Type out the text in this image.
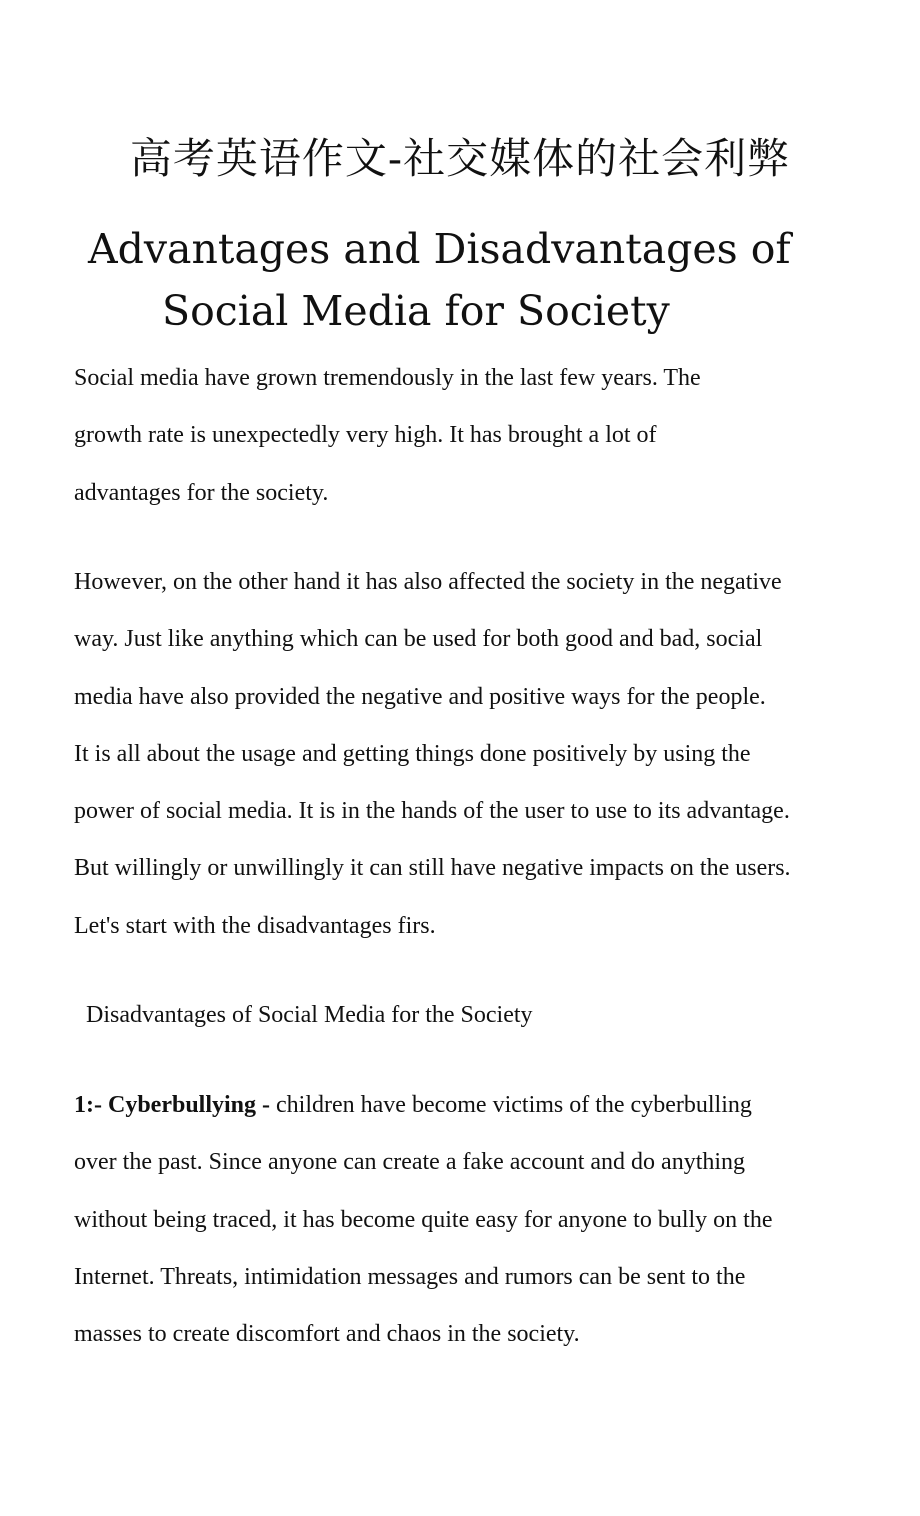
高考英语作文-社交媒体的社会利弊
Advantages and Disadvantages of
Social Media for Society
Social media have grown tremendously in the last few years. The
growth rate is unexpectedly very high. It has brought a lot of
advantages for the society.
However, on the other hand it has also affected the society in the negative
way. Just like anything which can be used for both good and bad, social
media have also provided the negative and positive ways for the people.
It is all about the usage and getting things done positively by using the
power of social media. It is in the hands of the user to use to its advantage.
But willingly or unwillingly it can still have negative impacts on the users.
Let's start with the disadvantages firs.
Disadvantages of Social Media for the Society
1:- Cyberbullying - children have become victims of the cyberbulling
over the past. Since anyone can create a fake account and do anything
without being traced, it has become quite easy for anyone to bully on the
Internet. Threats, intimidation messages and rumors can be sent to the
masses to create discomfort and chaos in the society.
